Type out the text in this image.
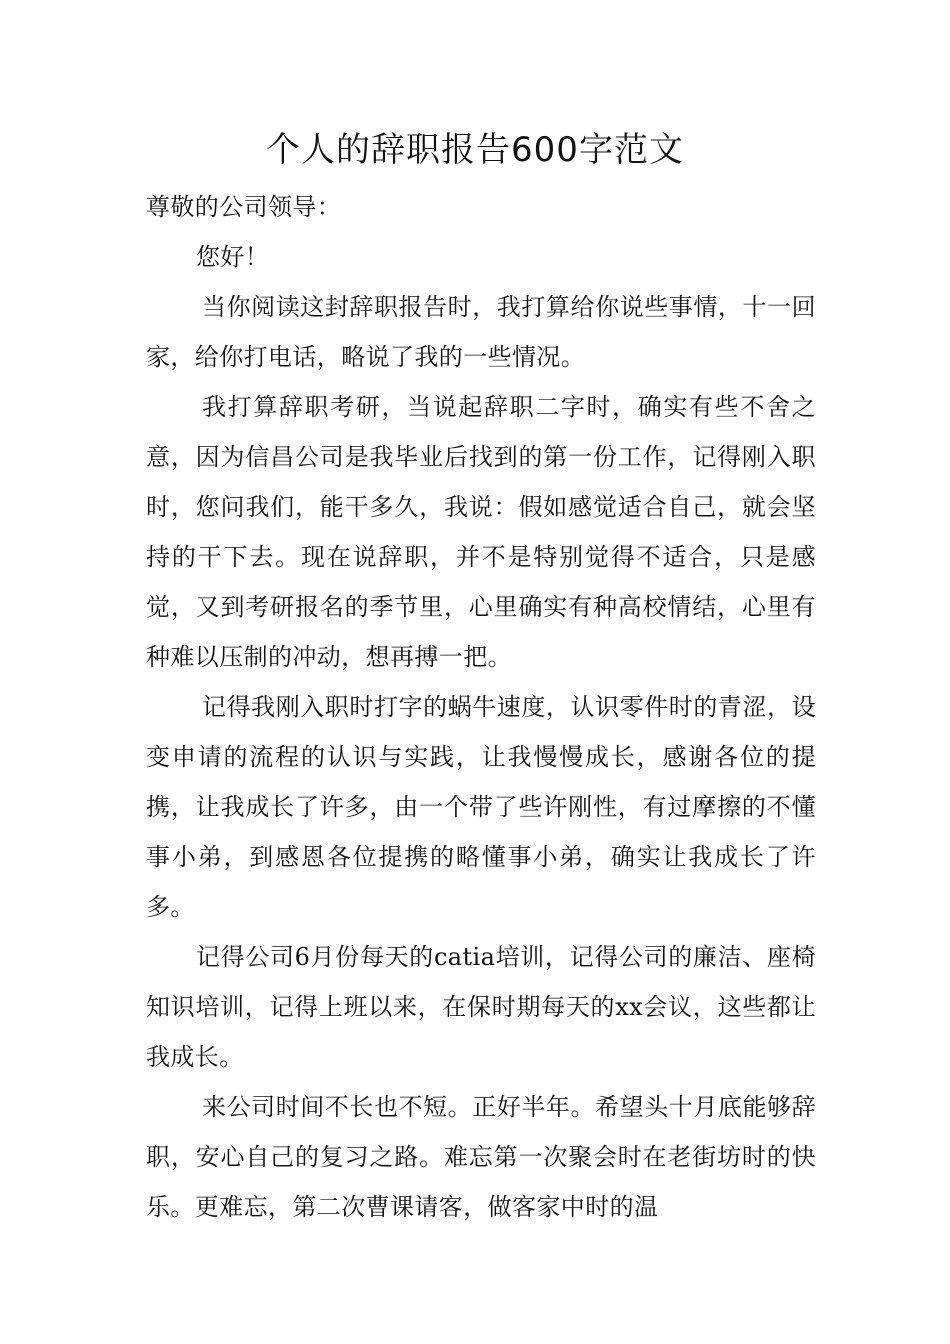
个人的辞职报告600字范文

尊敬的公司领导：

您好！

当你阅读这封辞职报告时，我打算给你说些事情，十一回家，给你打电话，略说了我的一些情况。

我打算辞职考研，当说起辞职二字时，确实有些不舍之意，因为信昌公司是我毕业后找到的第一份工作，记得刚入职时，您问我们，能干多久，我说：假如感觉适合自己，就会坚持的干下去。现在说辞职，并不是特别觉得不适合，只是感觉，又到考研报名的季节里，心里确实有种高校情结，心里有种难以压制的冲动，想再搏一把。

记得我刚入职时打字的蜗牛速度，认识零件时的青涩，设变申请的流程的认识与实践，让我慢慢成长，感谢各位的提携，让我成长了许多，由一个带了些许刚性，有过摩擦的不懂事小弟，到感恩各位提携的略懂事小弟，确实让我成长了许多。

记得公司6月份每天的catia培训，记得公司的廉洁、座椅知识培训，记得上班以来，在保时期每天的xx会议，这些都让我成长。

来公司时间不长也不短。正好半年。希望头十月底能够辞职，安心自己的复习之路。难忘第一次聚会时在老街坊时的快乐。更难忘，第二次曹课请客，做客家中时的温
